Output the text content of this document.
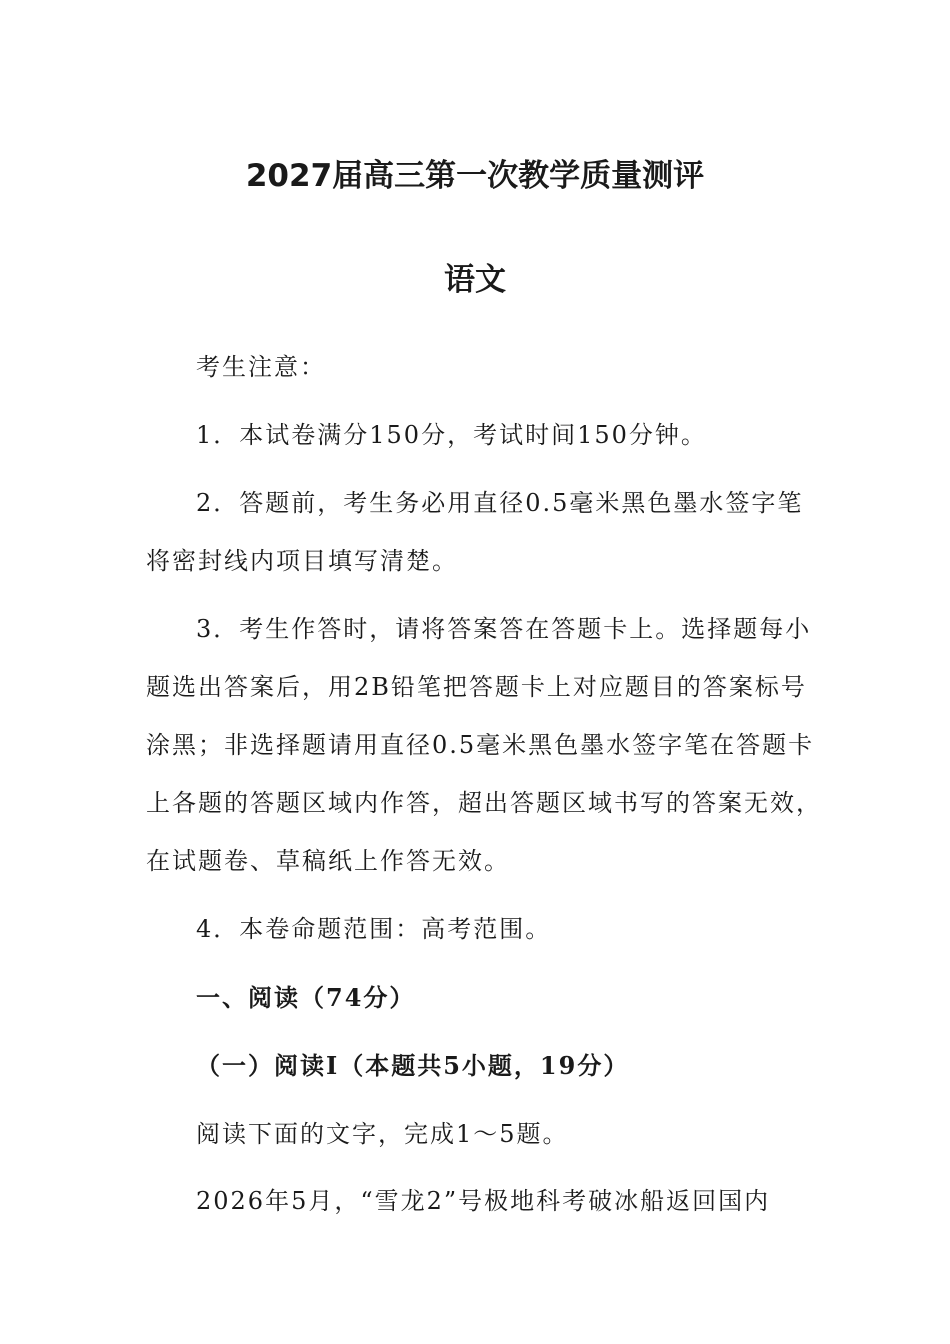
2027届高三第一次教学质量测评
语文

考生注意：

1．本试卷满分150分，考试时间150分钟。

2．答题前，考生务必用直径0.5毫米黑色墨水签字笔

将密封线内项目填写清楚。

3．考生作答时，请将答案答在答题卡上。选择题每小

题选出答案后，用2B铅笔把答题卡上对应题目的答案标号

涂黑；非选择题请用直径0.5毫米黑色墨水签字笔在答题卡

上各题的答题区域内作答，超出答题区域书写的答案无效，

在试题卷、草稿纸上作答无效。

4．本卷命题范围：高考范围。

一、阅读（74分）

（一）阅读Ⅰ（本题共5小题，19分）

阅读下面的文字，完成1～5题。

2026年5月，“雪龙2”号极地科考破冰船返回国内
